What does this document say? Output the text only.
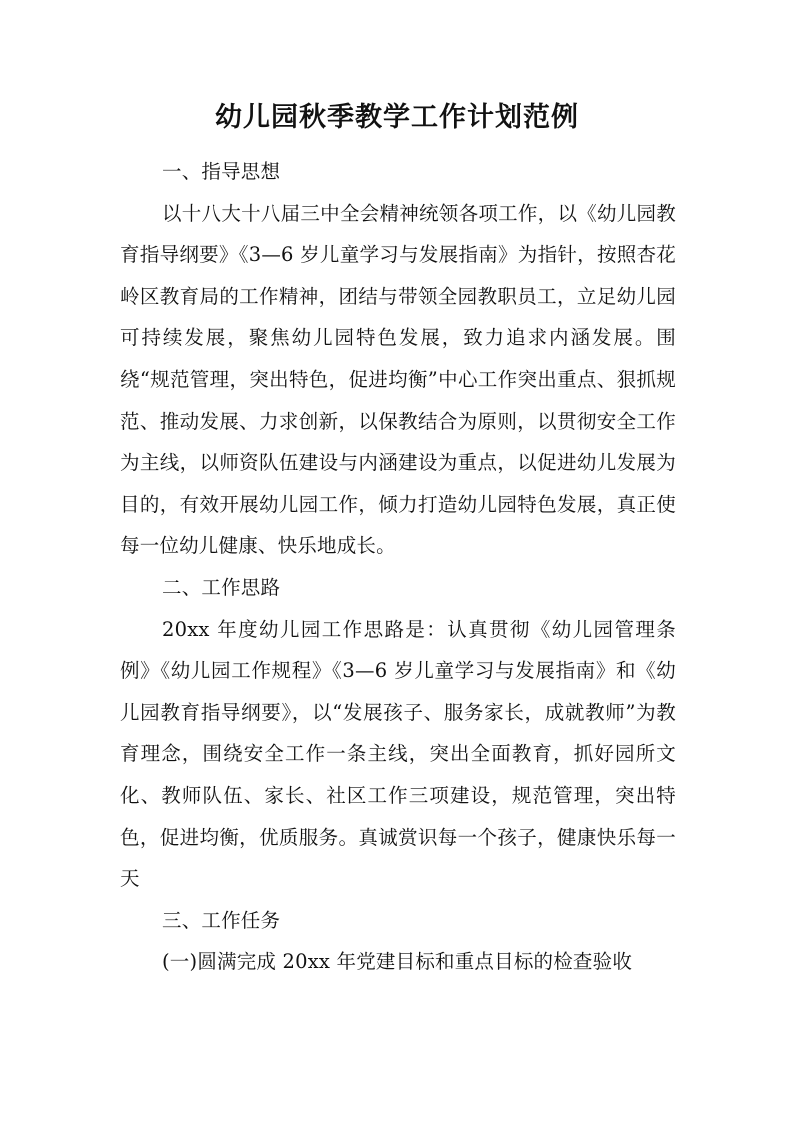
幼儿园秋季教学工作计划范例
一、指导思想
以十八大十八届三中全会精神统领各项工作，以《幼儿园教育指导纲要》《3—6 岁儿童学习与发展指南》为指针，按照杏花岭区教育局的工作精神，团结与带领全园教职员工，立足幼儿园可持续发展，聚焦幼儿园特色发展，致力追求内涵发展。围绕“规范管理，突出特色，促进均衡”中心工作突出重点、狠抓规范、推动发展、力求创新，以保教结合为原则，以贯彻安全工作为主线，以师资队伍建设与内涵建设为重点，以促进幼儿发展为目的，有效开展幼儿园工作，倾力打造幼儿园特色发展，真正使每一位幼儿健康、快乐地成长。
二、工作思路
20xx 年度幼儿园工作思路是：认真贯彻《幼儿园管理条例》《幼儿园工作规程》《3—6 岁儿童学习与发展指南》和《幼儿园教育指导纲要》，以“发展孩子、服务家长，成就教师”为教育理念，围绕安全工作一条主线，突出全面教育，抓好园所文化、教师队伍、家长、社区工作三项建设，规范管理，突出特色，促进均衡，优质服务。真诚赏识每一个孩子，健康快乐每一天
三、工作任务
(一)圆满完成 20xx 年党建目标和重点目标的检查验收
